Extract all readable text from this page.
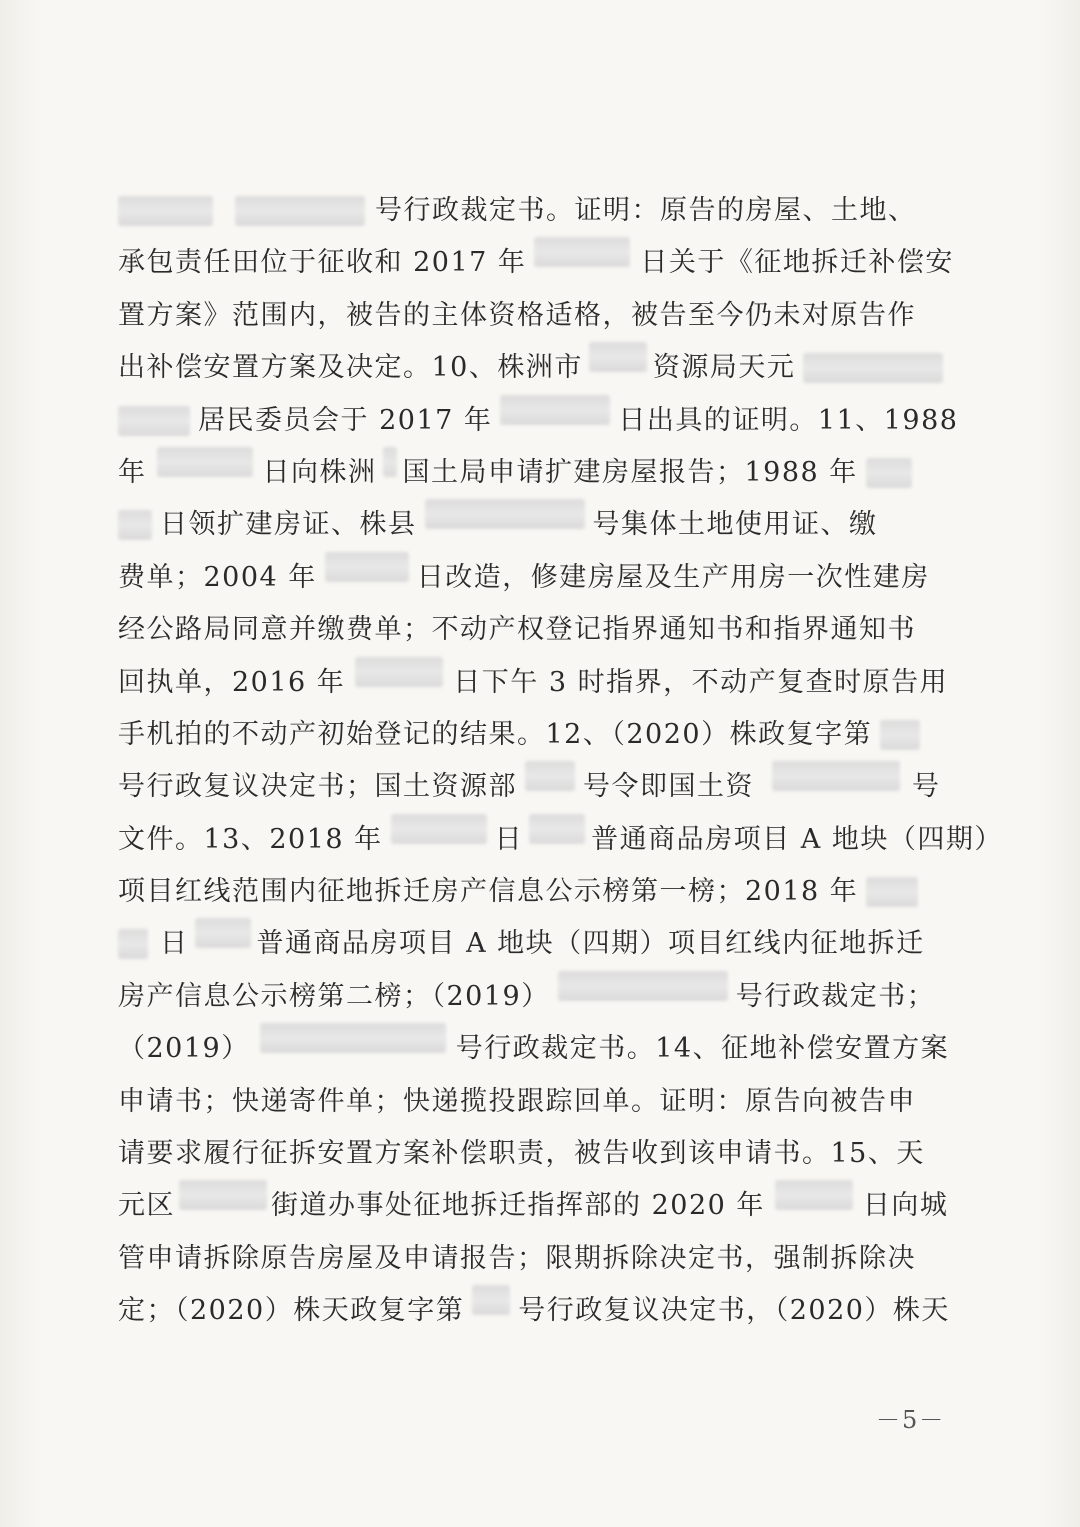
号行政裁定书。证明：原告的房屋、土地、
承包责任田位于征收和 2017 年	日关于《征地拆迁补偿安
置方案》范围内，被告的主体资格适格，被告至今仍未对原告作
出补偿安置方案及决定。10、株洲市	资源局天元
居民委员会于 2017 年	日出具的证明。11、1988
年	日向株洲 国土局申请扩建房屋报告；1988 年
日领扩建房证、株县	号集体土地使用证、缴
费单；2004 年	日改造，修建房屋及生产用房一次性建房
经公路局同意并缴费单；不动产权登记指界通知书和指界通知书
回执单，2016 年	日下午 3 时指界，不动产复查时原告用
手机拍的不动产初始登记的结果。12、（2020）株政复字第
号行政复议决定书；国土资源部 号令即国土资	号
文件。13、2018 年	日	普通商品房项目 A 地块（四期）
项目红线范围内征地拆迁房产信息公示榜第一榜；2018 年
日	普通商品房项目 A 地块（四期）项目红线内征地拆迁
房产信息公示榜第二榜；（2019）	号行政裁定书；
（2019）	号行政裁定书。14、征地补偿安置方案
申请书；快递寄件单；快递揽投跟踪回单。证明：原告向被告申
请要求履行征拆安置方案补偿职责，被告收到该申请书。15、天
元区	街道办事处征地拆迁指挥部的 2020 年	日向城
管申请拆除原告房屋及申请报告；限期拆除决定书，强制拆除决
定；（2020）株天政复字第 号行政复议决定书，（2020）株天
－5－
